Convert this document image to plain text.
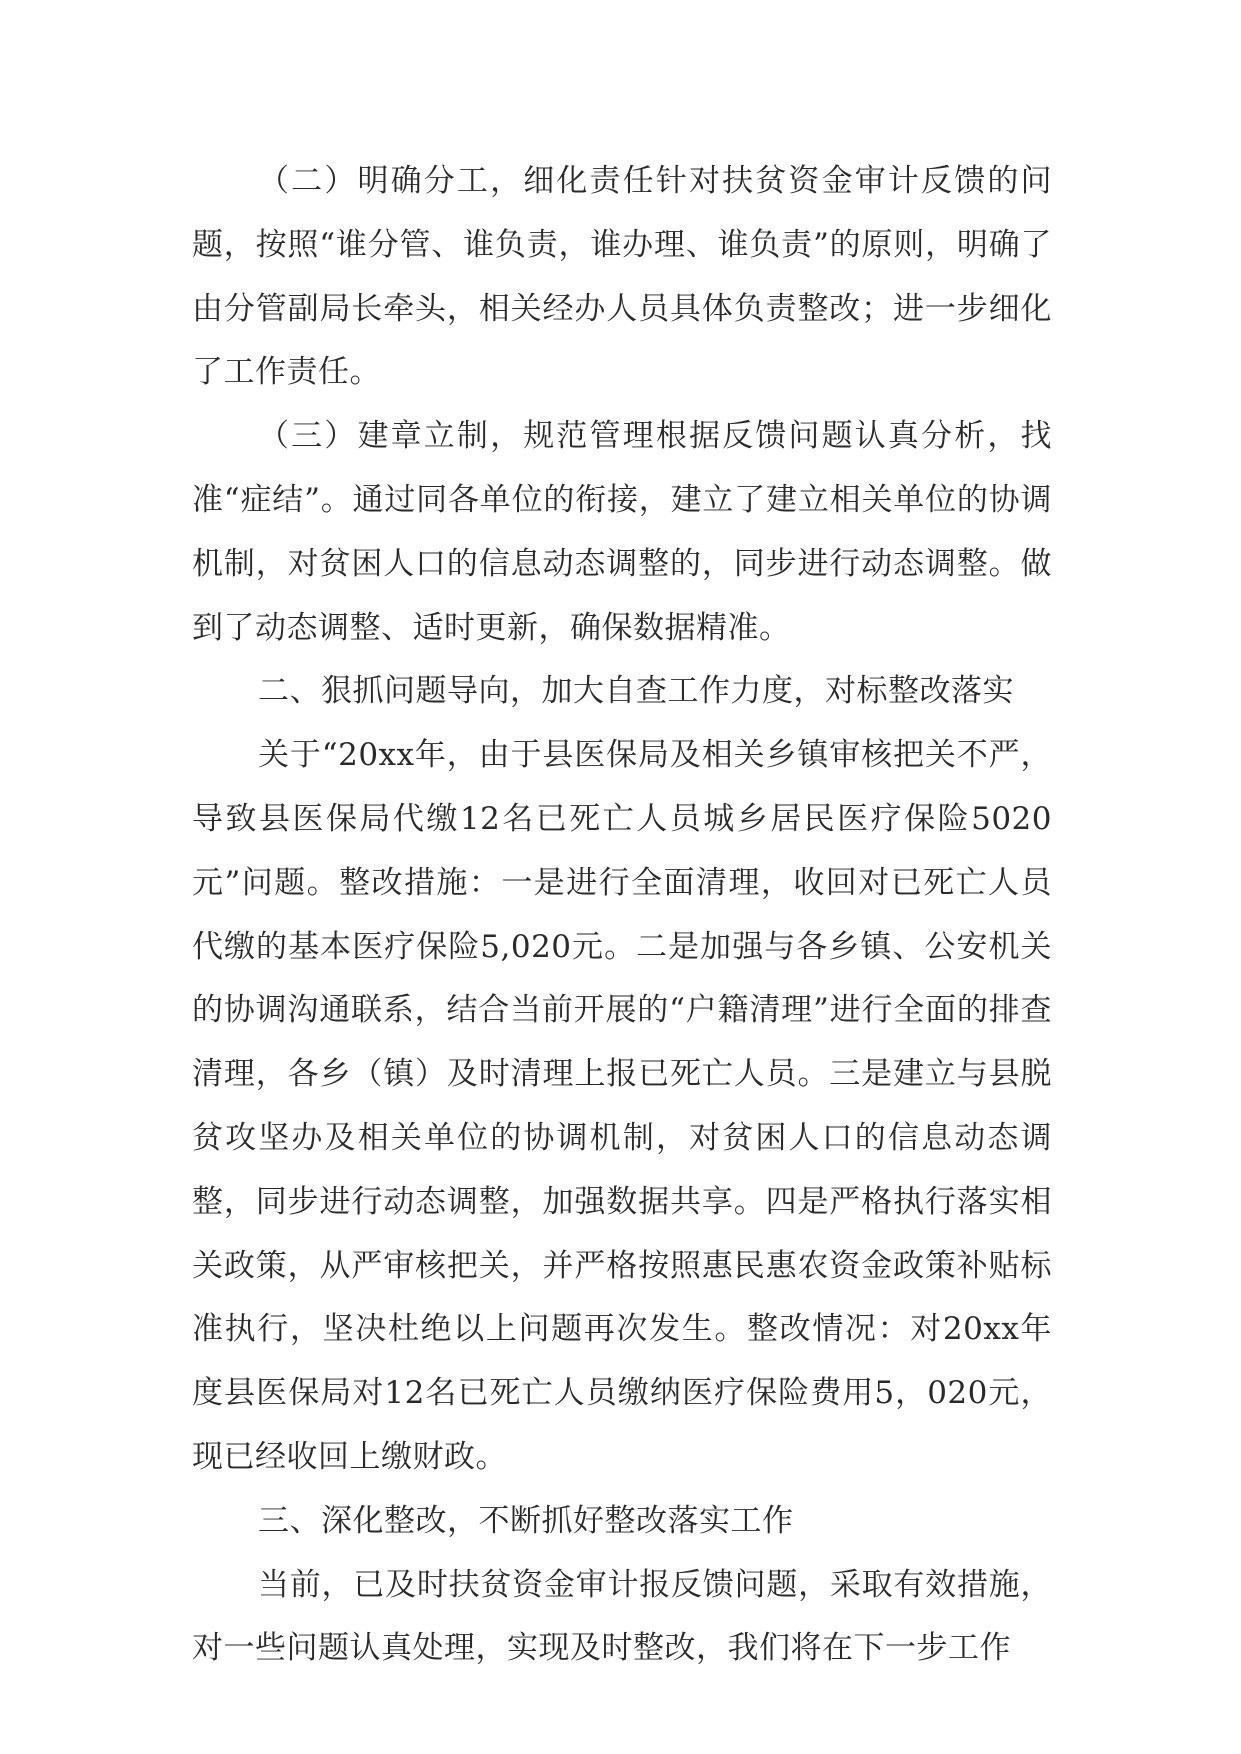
（二）明确分工，细化责任针对扶贫资金审计反馈的问题，按照“谁分管、谁负责，谁办理、谁负责”的原则，明确了由分管副局长牵头，相关经办人员具体负责整改；进一步细化了工作责任。

（三）建章立制，规范管理根据反馈问题认真分析，找准“症结”。通过同各单位的衔接，建立了建立相关单位的协调机制，对贫困人口的信息动态调整的，同步进行动态调整。做到了动态调整、适时更新，确保数据精准。

二、狠抓问题导向，加大自查工作力度，对标整改落实

关于“20xx年，由于县医保局及相关乡镇审核把关不严，导致县医保局代缴12名已死亡人员城乡居民医疗保险5020元”问题。整改措施：一是进行全面清理，收回对已死亡人员代缴的基本医疗保险5,020元。二是加强与各乡镇、公安机关的协调沟通联系，结合当前开展的“户籍清理”进行全面的排查清理，各乡（镇）及时清理上报已死亡人员。三是建立与县脱贫攻坚办及相关单位的协调机制，对贫困人口的信息动态调整，同步进行动态调整，加强数据共享。四是严格执行落实相关政策，从严审核把关，并严格按照惠民惠农资金政策补贴标准执行，坚决杜绝以上问题再次发生。整改情况：对20xx年度县医保局对12名已死亡人员缴纳医疗保险费用5，020元，现已经收回上缴财政。

三、深化整改，不断抓好整改落实工作

当前，已及时扶贫资金审计报反馈问题，采取有效措施，对一些问题认真处理，实现及时整改，我们将在下一步工作
